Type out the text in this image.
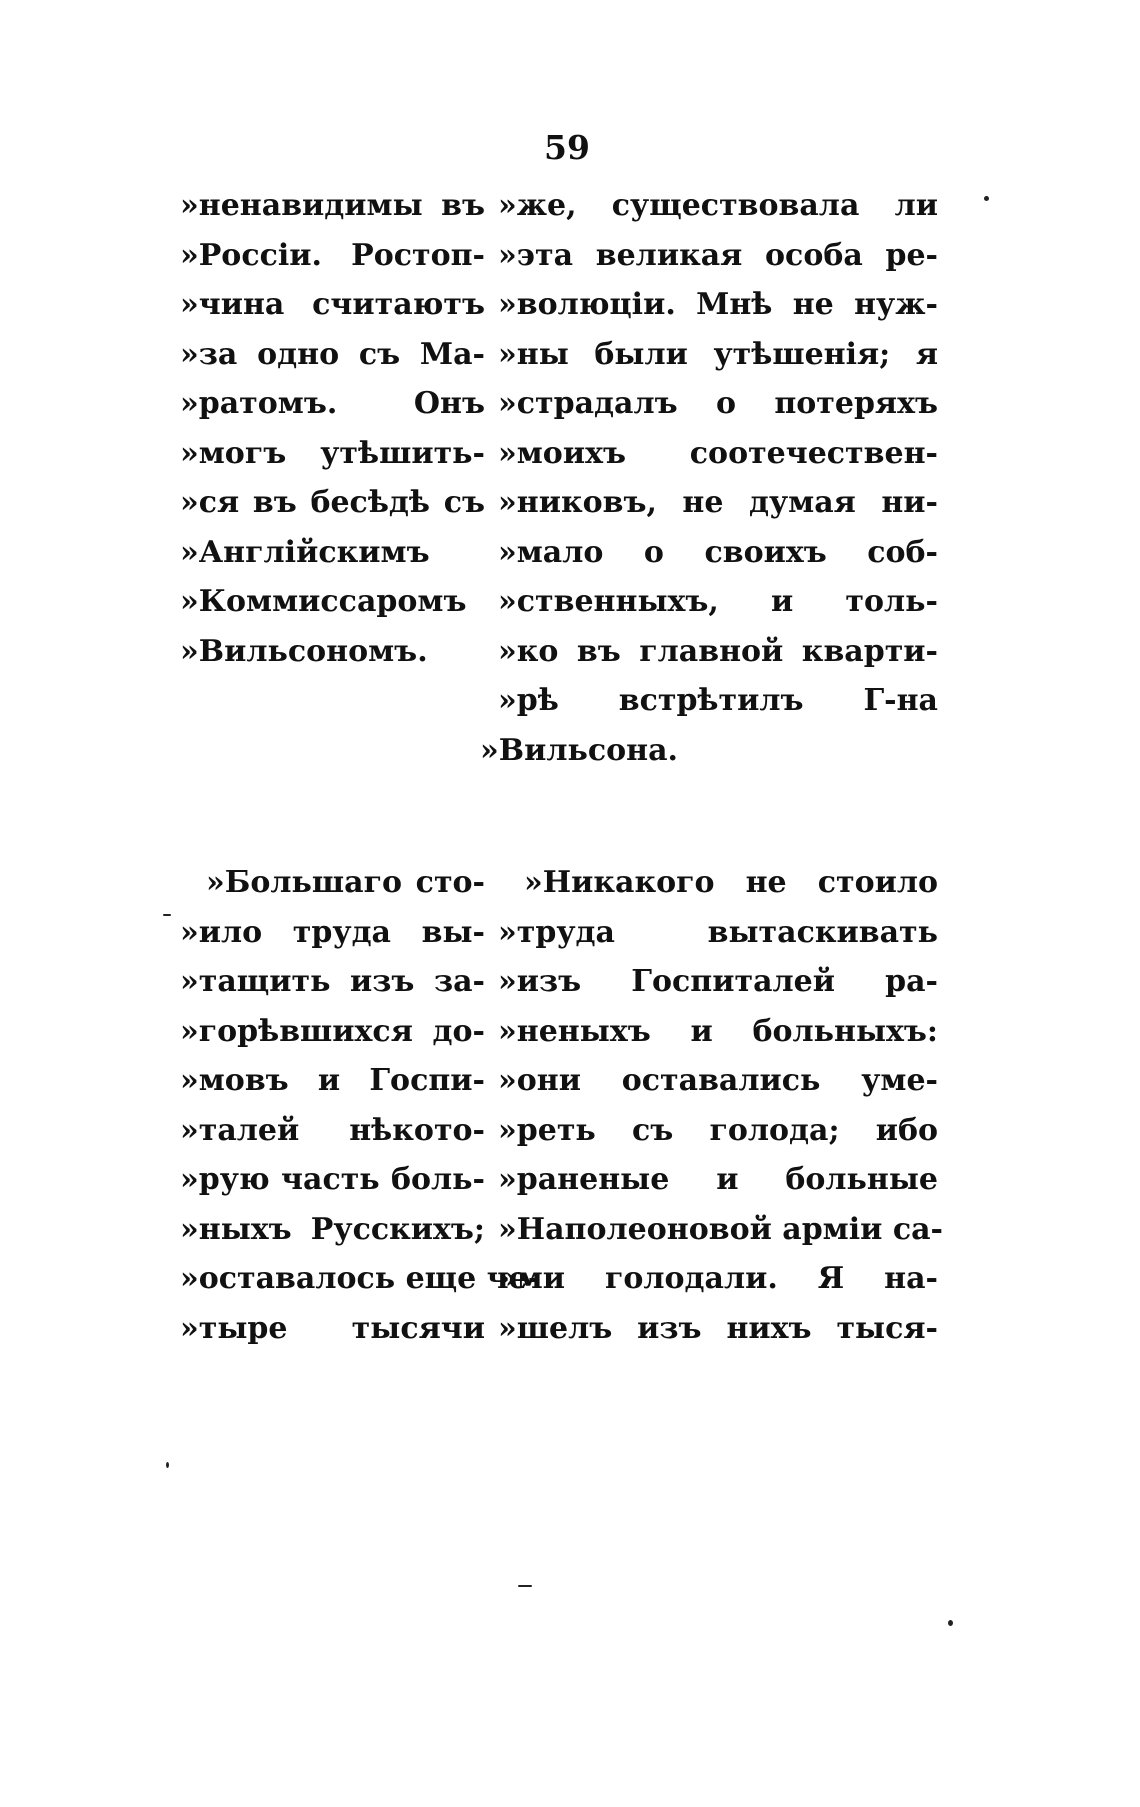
59
»ненавидимы въ
»Россіи. Ростоп-
»чина считаютъ
»за одно съ Ма-
»ратомъ. Онъ
»могъ утѣшить-
»ся въ бесѣдѣ съ
»Англійскимъ
»Коммиссаромъ
»Вильсономъ.
»же, существовала ли
»эта великая особа ре-
»волюціи. Мнѣ не нуж-
»ны были утѣшенія; я
»страдалъ о потеряхъ
»моихъ соотечествен-
»никовъ, не думая ни-
»мало о своихъ соб-
»ственныхъ, и толь-
»ко въ главной кварти-
»рѣ встрѣтилъ Г-на
»Вильсона.
»Большаго сто-
»ило труда вы-
»тащить изъ за-
»горѣвшихся до-
»мовъ и Госпи-
»талей нѣкото-
»рую часть боль-
»ныхъ Русскихъ;
»оставалось еще че-
»тыре тысячи
»Никакого не стоило
»труда вытаскивать
»изъ Госпиталей ра-
»неныхъ и больныхъ:
»они оставались уме-
»реть съ голода; ибо
»раненые и больные
»Наполеоновой арміи са-
»ми голодали. Я на-
»шелъ изъ нихъ тыся-
